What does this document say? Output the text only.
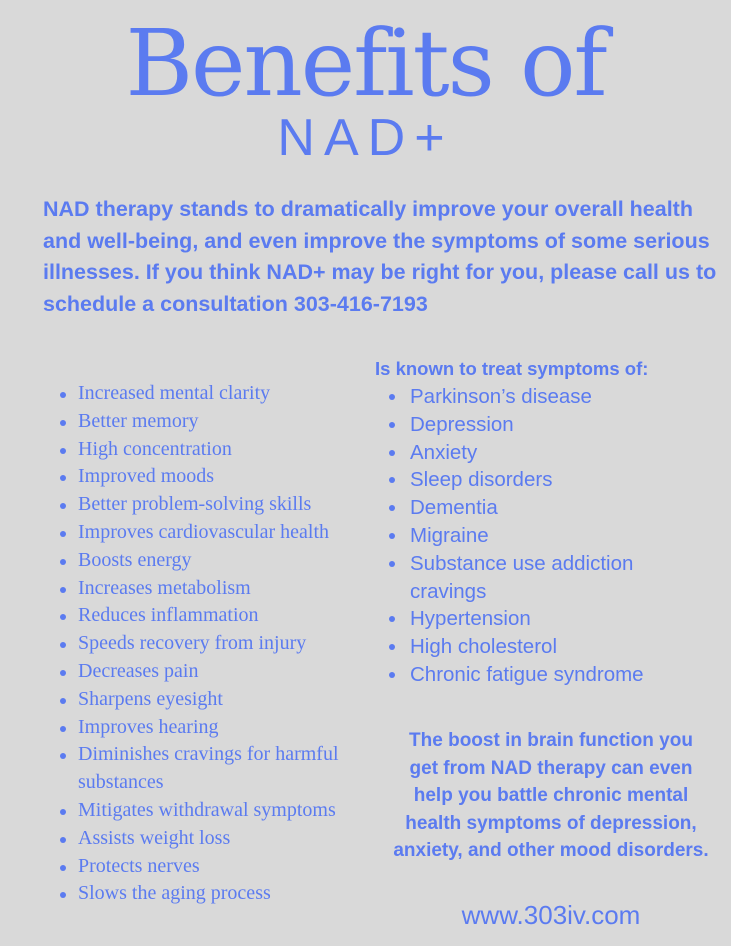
Benefits of
NAD+

NAD therapy stands to dramatically improve your overall health and well-being, and even improve the symptoms of some serious illnesses. If you think NAD+ may be right for you, please call us to schedule a consultation 303-416-7193

Increased mental clarity
Better memory
High concentration
Improved moods
Better problem-solving skills
Improves cardiovascular health
Boosts energy
Increases metabolism
Reduces inflammation
Speeds recovery from injury
Decreases pain
Sharpens eyesight
Improves hearing
Diminishes cravings for harmful substances
Mitigates withdrawal symptoms
Assists weight loss
Protects nerves
Slows the aging process

Is known to treat symptoms of:

Parkinson’s disease
Depression
Anxiety
Sleep disorders
Dementia
Migraine
Substance use addiction cravings
Hypertension
High cholesterol
Chronic fatigue syndrome

The boost in brain function you get from NAD therapy can even help you battle chronic mental health symptoms of depression, anxiety, and other mood disorders.

www.303iv.com
